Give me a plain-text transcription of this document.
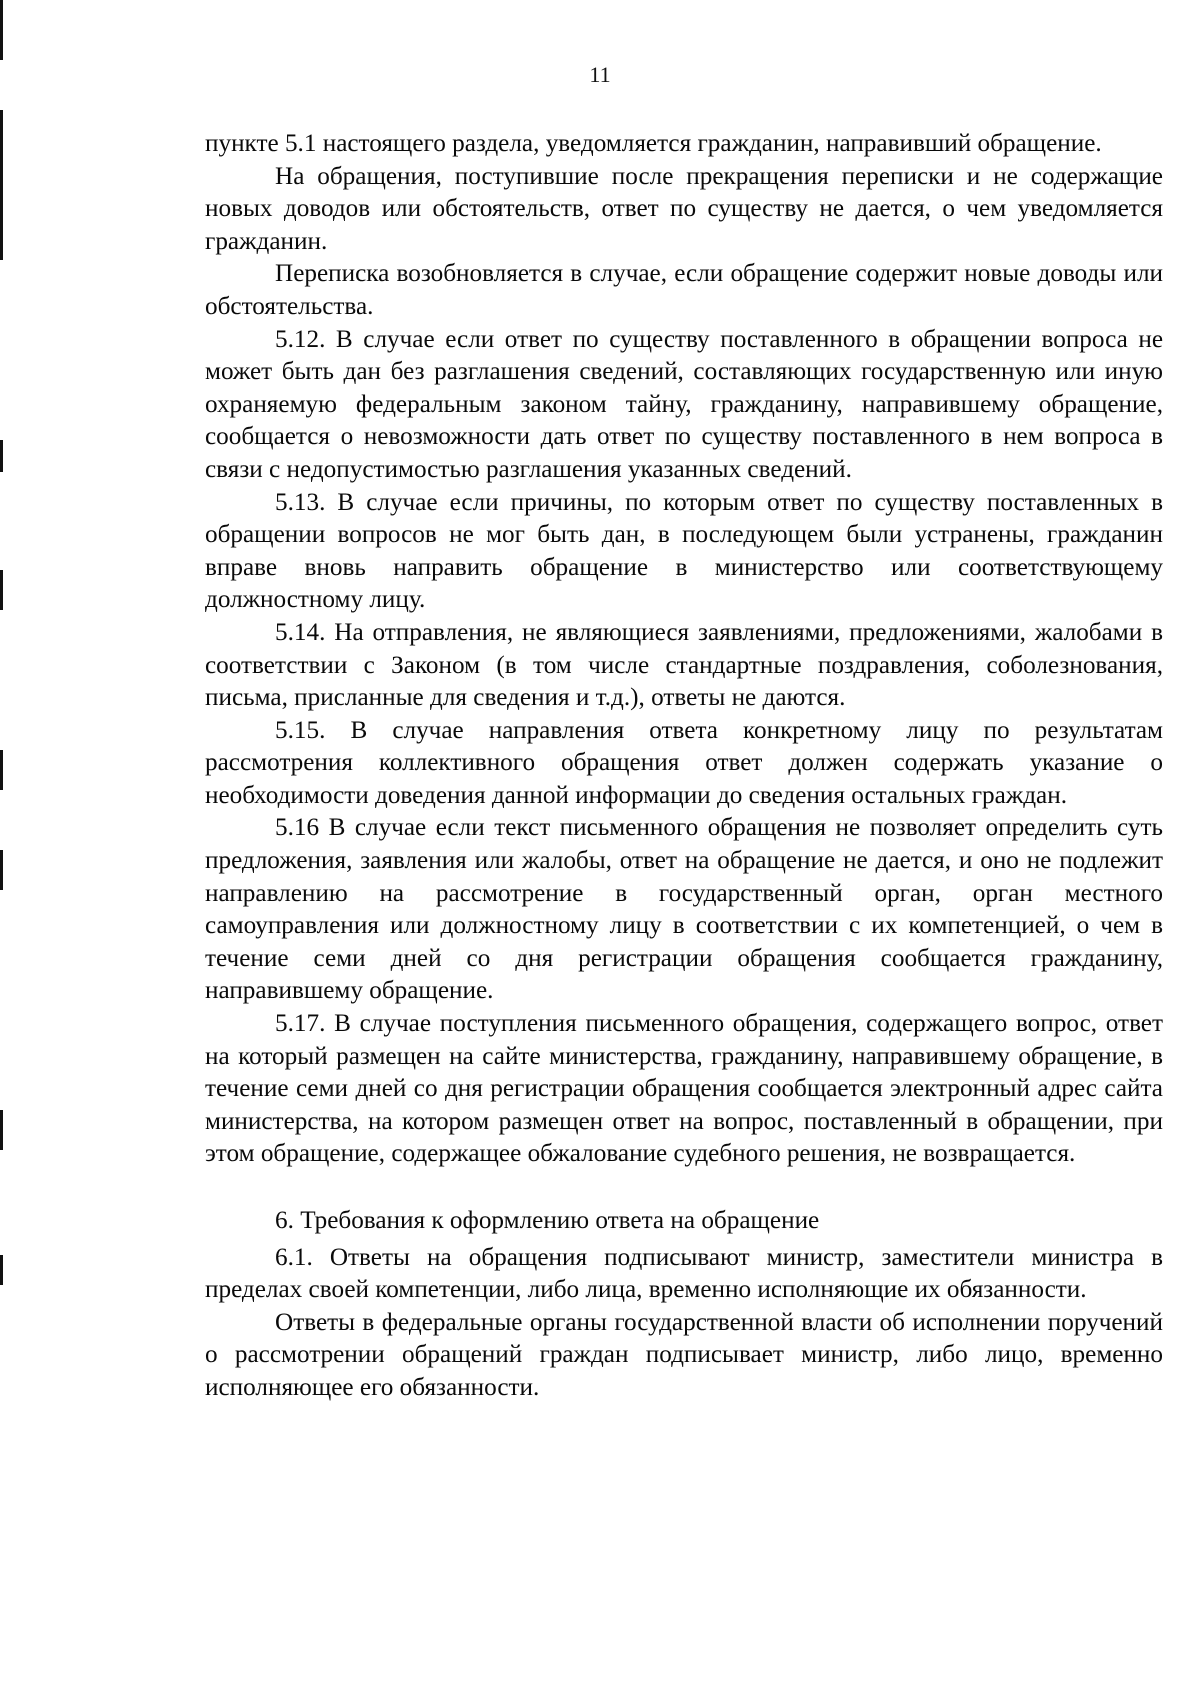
11

пункте 5.1 настоящего раздела, уведомляется гражданин, направивший обращение.

На обращения, поступившие после прекращения переписки и не содержащие новых доводов или обстоятельств, ответ по существу не дается, о чем уведомляется гражданин.

Переписка возобновляется в случае, если обращение содержит новые доводы или обстоятельства.

5.12. В случае если ответ по существу поставленного в обращении вопроса не может быть дан без разглашения сведений, составляющих государственную или иную охраняемую федеральным законом тайну, гражданину, направившему обращение, сообщается о невозможности дать ответ по существу поставленного в нем вопроса в связи с недопустимостью разглашения указанных сведений.

5.13. В случае если причины, по которым ответ по существу поставленных в обращении вопросов не мог быть дан, в последующем были устранены, гражданин вправе вновь направить обращение в министерство или соответствующему должностному лицу.

5.14. На отправления, не являющиеся заявлениями, предложениями, жалобами в соответствии с Законом (в том числе стандартные поздравления, соболезнования, письма, присланные для сведения и т.д.), ответы не даются.

5.15. В случае направления ответа конкретному лицу по результатам рассмотрения коллективного обращения ответ должен содержать указание о необходимости доведения данной информации до сведения остальных граждан.

5.16 В случае если текст письменного обращения не позволяет определить суть предложения, заявления или жалобы, ответ на обращение не дается, и оно не подлежит направлению на рассмотрение в государственный орган, орган местного самоуправления или должностному лицу в соответствии с их компетенцией, о чем в течение семи дней со дня регистрации обращения сообщается гражданину, направившему обращение.

5.17. В случае поступления письменного обращения, содержащего вопрос, ответ на который размещен на сайте министерства, гражданину, направившему обращение, в течение семи дней со дня регистрации обращения сообщается электронный адрес сайта министерства, на котором размещен ответ на вопрос, поставленный в обращении, при этом обращение, содержащее обжалование судебного решения, не возвращается.

6. Требования к оформлению ответа на обращение

6.1. Ответы на обращения подписывают министр, заместители министра в пределах своей компетенции, либо лица, временно исполняющие их обязанности.

Ответы в федеральные органы государственной власти об исполнении поручений о рассмотрении обращений граждан подписывает министр, либо лицо, временно исполняющее его обязанности.
